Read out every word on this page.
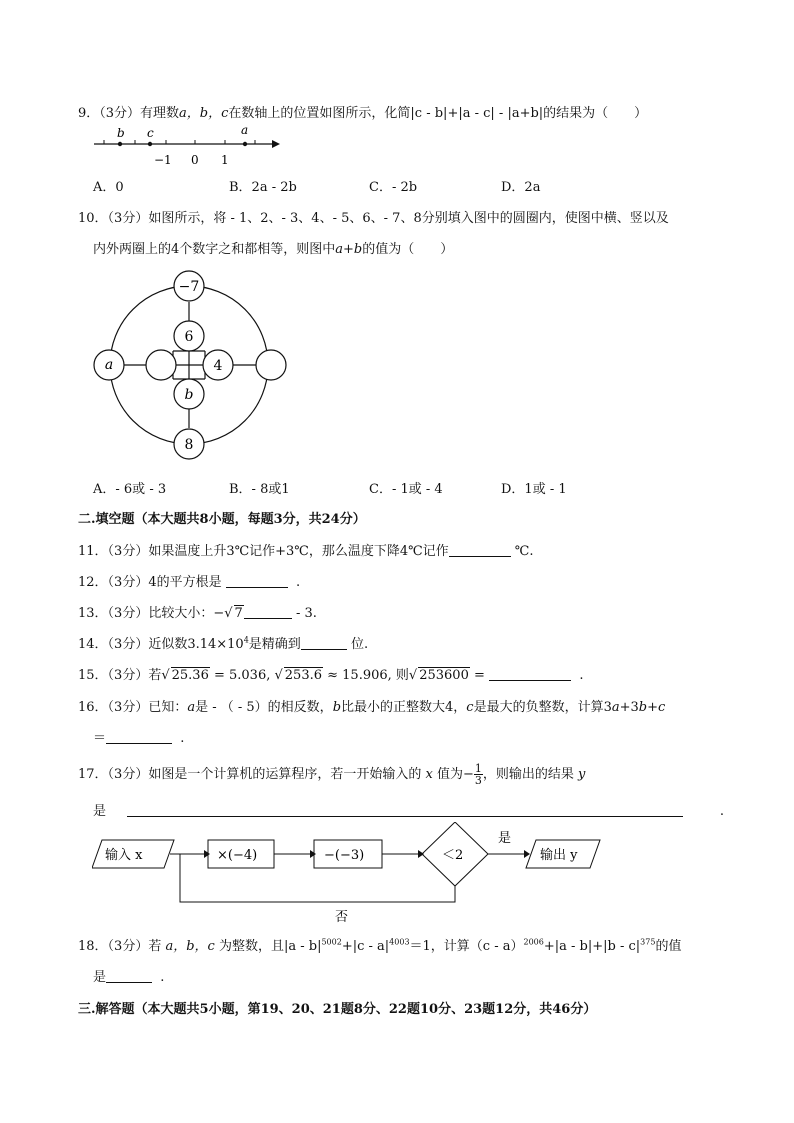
9．（3分）有理数a，b，c在数轴上的位置如图所示，化简|c - b|+|a - c| - |a+b|的结果为（　　）
b c	a
−1 0 1
A．0	B．2a - 2b	C．- 2b	D．2a
10．（3分）如图所示，将 - 1、2、- 3、4、- 5、6、- 7、8分别填入图中的圆圈内，使图中横、竖以及
内外两圈上的4个数字之和都相等，则图中a+b的值为（　　）
−7
6
4
b
a
8
A．- 6或 - 3	B．- 8或1	C．- 1或 - 4	D．1或 - 1
二.填空题（本大题共8小题，每题3分，共24分）
11．（3分）如果温度上升3℃记作+3℃，那么温度下降4℃记作	℃.
12．（3分）4的平方根是	.
13．（3分）比较大小：−√ 7	- 3.
14．（3分）近似数$3.14\times 10^4$是精确到	位.
15．（3分）若√ 25.36 = 5.036, √ 253.6 ≈ 15.906, 则√ 253600 =	.
16．（3分）已知：a是 - （ - 5）的相反数，b比最小的正整数大4，c是最大的负整数，计算3a+3b+c
＝	.
17．（3分）如图是一个计算机的运算程序，若一开始输入的 x 值为− $\frac{1}{3}$ ，则输出的结果 y
是	.
输入 x	×(−4)	−(−3)	＜2
是
输出 y
否
18．（3分）若 a，b，c 为整数，且$|a - b|^{5002}+|c - a|^{4003}=1$，计算$(c - a)^{2006}+|a - b|+|b - c|^{375}$的值
是	.
三.解答题（本大题共5小题，第19、20、21题8分、22题10分、23题12分，共46分）
